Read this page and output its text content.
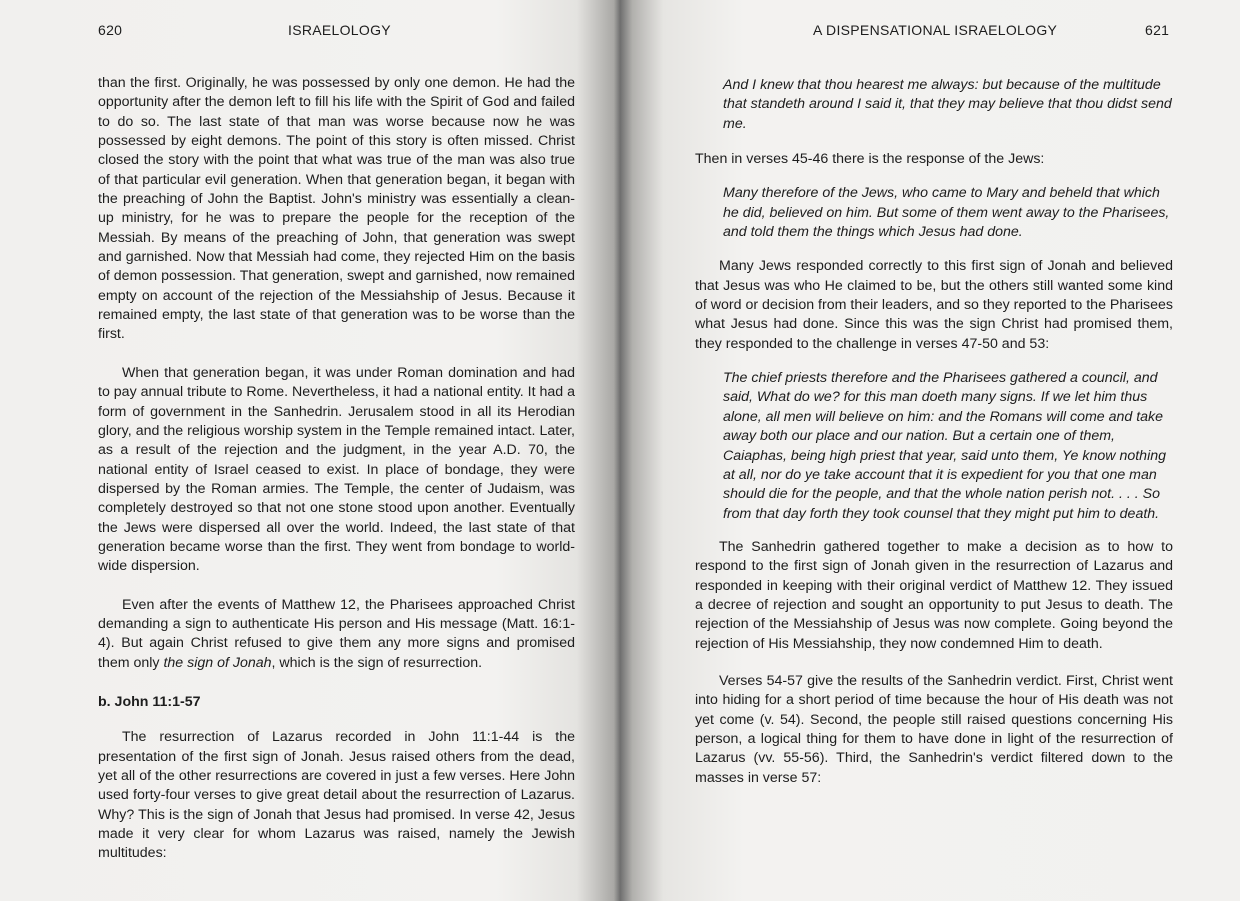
620	ISRAELOLOGY

than the first. Originally, he was possessed by only one demon. He had the opportunity after the demon left to fill his life with the Spirit of God and failed to do so. The last state of that man was worse because now he was possessed by eight demons. The point of this story is often missed. Christ closed the story with the point that what was true of the man was also true of that particular evil generation. When that generation began, it began with the preaching of John the Baptist. John's ministry was essentially a clean-up ministry, for he was to prepare the people for the reception of the Messiah. By means of the preaching of John, that generation was swept and garnished. Now that Messiah had come, they rejected Him on the basis of demon possession. That generation, swept and garnished, now remained empty on account of the rejection of the Messiahship of Jesus. Because it remained empty, the last state of that generation was to be worse than the first.

When that generation began, it was under Roman domination and had to pay annual tribute to Rome. Nevertheless, it had a national entity. It had a form of government in the Sanhedrin. Jerusalem stood in all its Herodian glory, and the religious worship system in the Temple remained intact. Later, as a result of the rejection and the judgment, in the year A.D. 70, the national entity of Israel ceased to exist. In place of bondage, they were dispersed by the Roman armies. The Temple, the center of Judaism, was completely destroyed so that not one stone stood upon another. Eventually the Jews were dispersed all over the world. Indeed, the last state of that generation became worse than the first. They went from bondage to world-wide dispersion.

Even after the events of Matthew 12, the Pharisees approached Christ demanding a sign to authenticate His person and His message (Matt. 16:1-4). But again Christ refused to give them any more signs and promised them only the sign of Jonah, which is the sign of resurrection.

b. John 11:1-57

The resurrection of Lazarus recorded in John 11:1-44 is the presentation of the first sign of Jonah. Jesus raised others from the dead, yet all of the other resurrections are covered in just a few verses. Here John used forty-four verses to give great detail about the resurrection of Lazarus. Why? This is the sign of Jonah that Jesus had promised. In verse 42, Jesus made it very clear for whom Lazarus was raised, namely the Jewish multitudes:

A DISPENSATIONAL ISRAELOLOGY	621

And I knew that thou hearest me always: but because of the multitude that standeth around I said it, that they may believe that thou didst send me.

Then in verses 45-46 there is the response of the Jews:

Many therefore of the Jews, who came to Mary and beheld that which he did, believed on him. But some of them went away to the Pharisees, and told them the things which Jesus had done.

Many Jews responded correctly to this first sign of Jonah and believed that Jesus was who He claimed to be, but the others still wanted some kind of word or decision from their leaders, and so they reported to the Pharisees what Jesus had done. Since this was the sign Christ had promised them, they responded to the challenge in verses 47-50 and 53:

The chief priests therefore and the Pharisees gathered a council, and said, What do we? for this man doeth many signs. If we let him thus alone, all men will believe on him: and the Romans will come and take away both our place and our nation. But a certain one of them, Caiaphas, being high priest that year, said unto them, Ye know nothing at all, nor do ye take account that it is expedient for you that one man should die for the people, and that the whole nation perish not. . . . So from that day forth they took counsel that they might put him to death.

The Sanhedrin gathered together to make a decision as to how to respond to the first sign of Jonah given in the resurrection of Lazarus and responded in keeping with their original verdict of Matthew 12. They issued a decree of rejection and sought an opportunity to put Jesus to death. The rejection of the Messiahship of Jesus was now complete. Going beyond the rejection of His Messiahship, they now condemned Him to death.

Verses 54-57 give the results of the Sanhedrin verdict. First, Christ went into hiding for a short period of time because the hour of His death was not yet come (v. 54). Second, the people still raised questions concerning His person, a logical thing for them to have done in light of the resurrection of Lazarus (vv. 55-56). Third, the Sanhedrin's verdict filtered down to the masses in verse 57:
